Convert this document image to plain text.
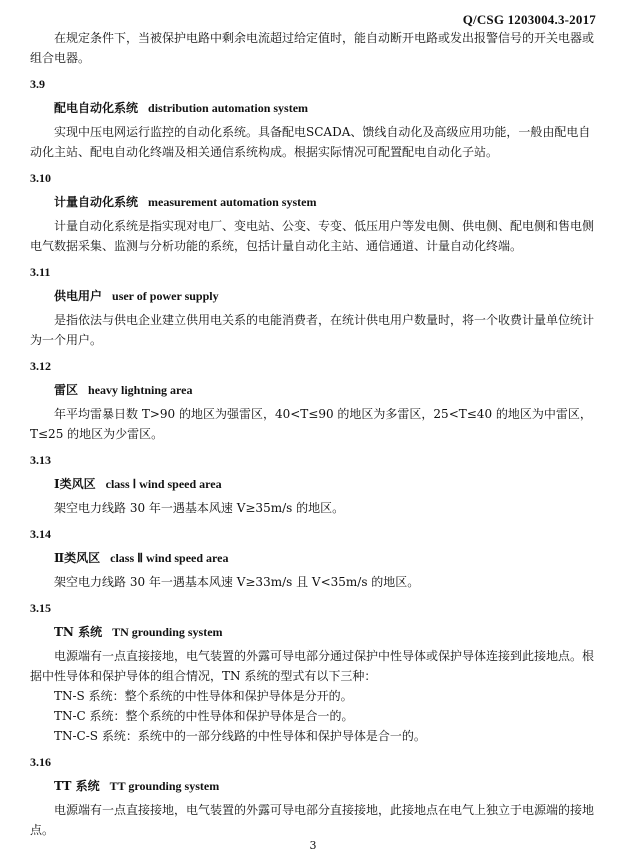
Q/CSG 1203004.3-2017

在规定条件下，当被保护电路中剩余电流超过给定值时，能自动断开电路或发出报警信号的开关电器或组合电器。

3.9
配电自动化系统 distribution automation system

实现中压电网运行监控的自动化系统。具备配电SCADA、馈线自动化及高级应用功能，一般由配电自动化主站、配电自动化终端及相关通信系统构成。根据实际情况可配置配电自动化子站。

3.10
计量自动化系统 measurement automation system

计量自动化系统是指实现对电厂、变电站、公变、专变、低压用户等发电侧、供电侧、配电侧和售电侧电气数据采集、监测与分析功能的系统，包括计量自动化主站、通信通道、计量自动化终端。

3.11
供电用户 user of power supply

是指依法与供电企业建立供用电关系的电能消费者，在统计供电用户数量时，将一个收费计量单位统计为一个用户。

3.12
雷区 heavy lightning area

年平均雷暴日数 T>90 的地区为强雷区，40<T≤90 的地区为多雷区，25<T≤40 的地区为中雷区，T≤25 的地区为少雷区。

3.13
Ⅰ类风区 class Ⅰ wind speed area

架空电力线路 30 年一遇基本风速 V≥35m/s 的地区。

3.14
Ⅱ类风区 class Ⅱ wind speed area

架空电力线路 30 年一遇基本风速 V≥33m/s 且 V<35m/s 的地区。

3.15
TN 系统 TN grounding system

电源端有一点直接接地，电气装置的外露可导电部分通过保护中性导体或保护导体连接到此接地点。根据中性导体和保护导体的组合情况，TN 系统的型式有以下三种：

TN-S 系统：整个系统的中性导体和保护导体是分开的。
TN-C 系统：整个系统的中性导体和保护导体是合一的。
TN-C-S 系统：系统中的一部分线路的中性导体和保护导体是合一的。
3.16
TT 系统 TT grounding system

电源端有一点直接接地，电气装置的外露可导电部分直接接地，此接地点在电气上独立于电源端的接地点。

3
